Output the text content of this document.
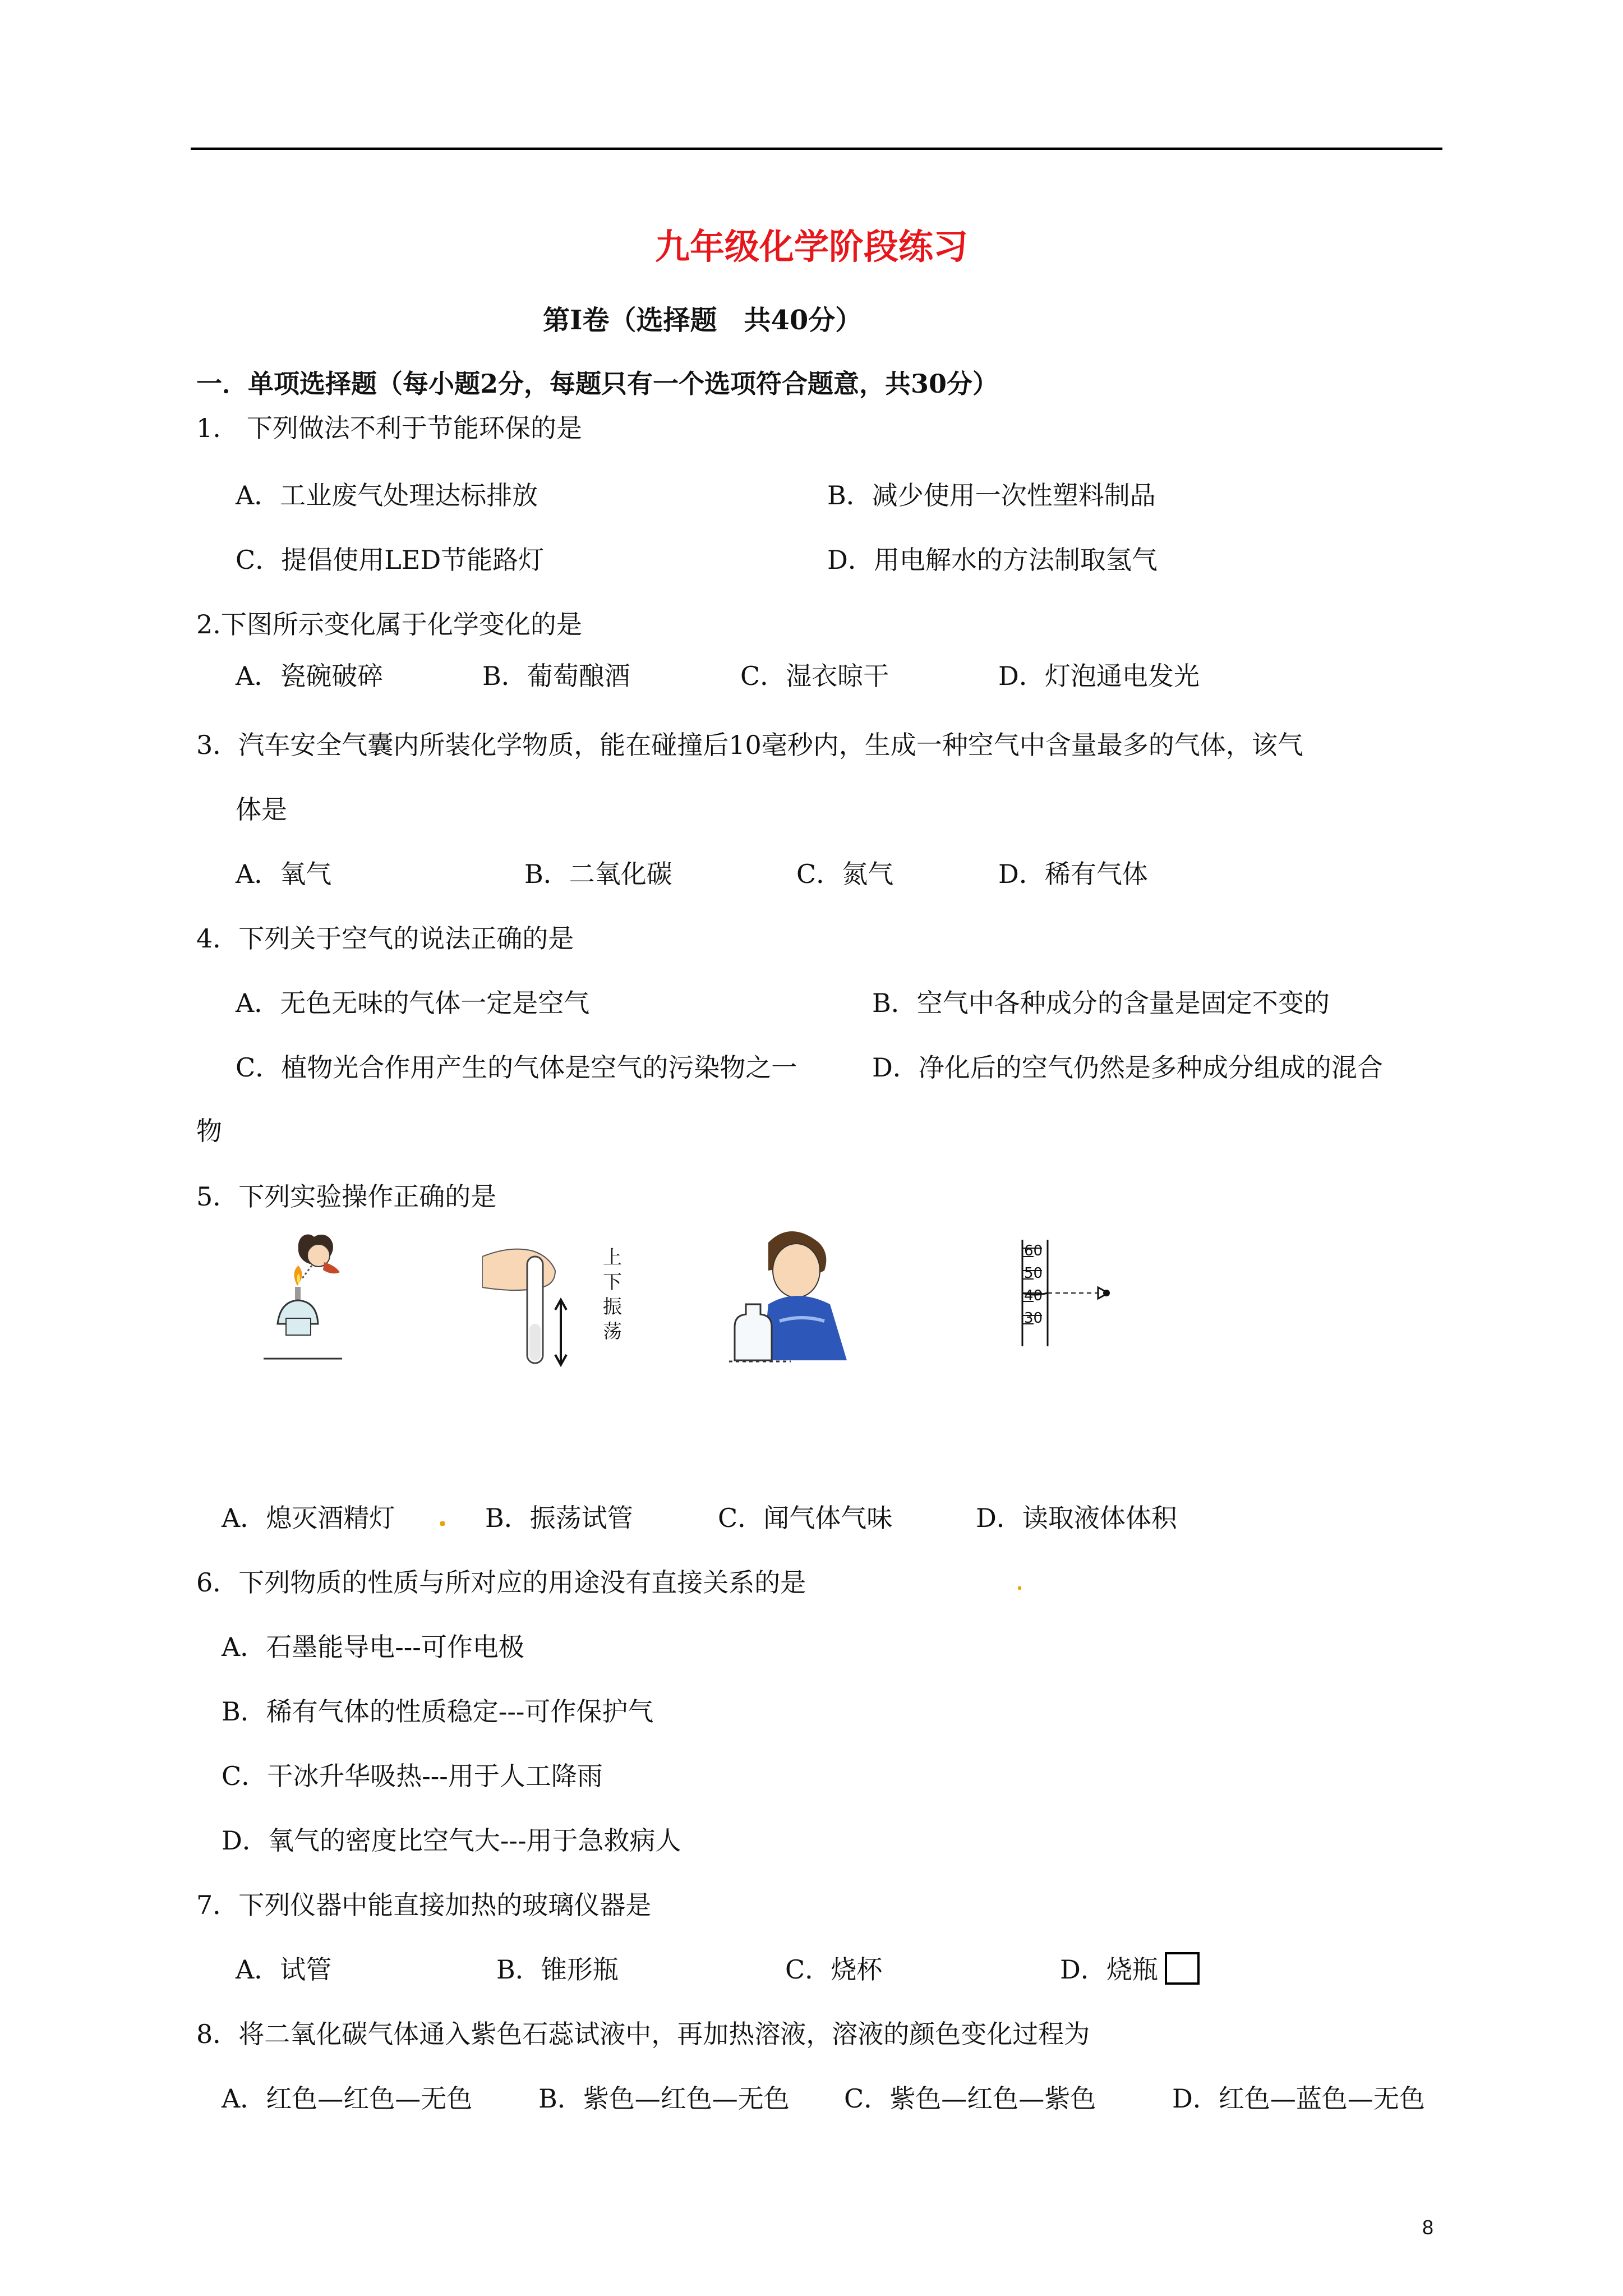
九年级化学阶段练习
第Ⅰ卷（选择题　共40分）
一．单项选择题（每小题2分，每题只有一个选项符合题意，共30分）
1.　下列做法不利于节能环保的是
A．工业废气处理达标排放	B．减少使用一次性塑料制品
C．提倡使用LED节能路灯	D．用电解水的方法制取氢气
2.下图所示变化属于化学变化的是
A．瓷碗破碎	B．葡萄酿酒	C．湿衣晾干	D．灯泡通电发光
3．汽车安全气囊内所装化学物质，能在碰撞后10毫秒内，生成一种空气中含量最多的气体，该气
体是
A．氧气	B．二氧化碳	C．氮气	D．稀有气体
4．下列关于空气的说法正确的是
A．无色无味的气体一定是空气	B．空气中各种成分的含量是固定不变的
C．植物光合作用产生的气体是空气的污染物之一	D．净化后的空气仍然是多种成分组成的混合
物
5．下列实验操作正确的是
上
下
振
荡
60
50
40
30
A．熄灭酒精灯	B．振荡试管	C．闻气体气味	D．读取液体体积
6．下列物质的性质与所对应的用途没有直接关系的是
A．石墨能导电---可作电极
B．稀有气体的性质稳定---可作保护气
C．干冰升华吸热---用于人工降雨
D．氧气的密度比空气大---用于急救病人
7．下列仪器中能直接加热的玻璃仪器是
A．试管	B．锥形瓶	C．烧杯	D．烧瓶
8．将二氧化碳气体通入紫色石蕊试液中，再加热溶液，溶液的颜色变化过程为
A．红色—红色—无色	B．紫色—红色—无色 C．紫色—红色—紫色	D．红色—蓝色—无色
8
